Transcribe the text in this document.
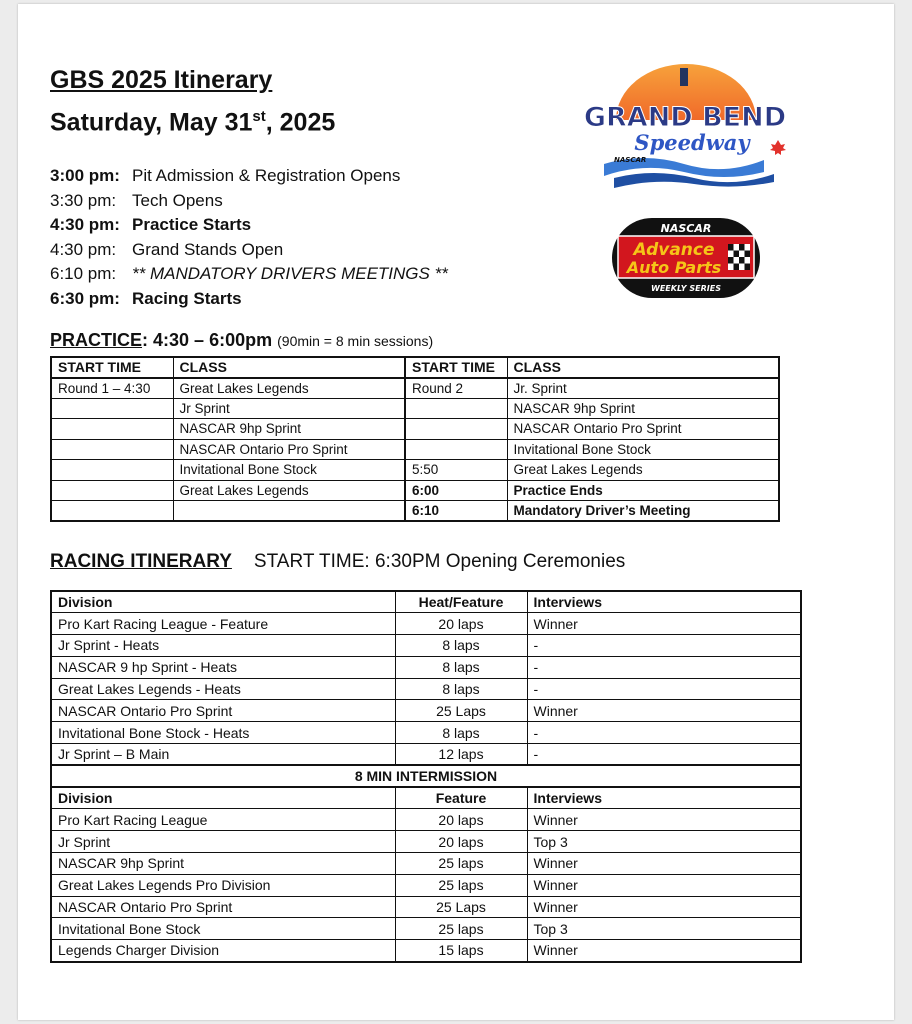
GBS 2025 Itinerary
Saturday, May 31st, 2025
3:00 pm: Pit Admission & Registration Opens
3:30 pm: Tech Opens
4:30 pm: Practice Starts
4:30 pm: Grand Stands Open
6:10 pm: ** MANDATORY DRIVERS MEETINGS **
6:30 pm: Racing Starts
GRAND BEND
Speedway
NASCAR
NASCAR
Advance
Auto Parts
WEEKLY SERIES
PRACTICE: 4:30 – 6:00pm (90min = 8 min sessions)
START TIME	CLASS	START TIME	CLASS
Round 1 – 4:30	Great Lakes Legends	Round 2	Jr. Sprint
	Jr Sprint		NASCAR 9hp Sprint
	NASCAR 9hp Sprint		NASCAR Ontario Pro Sprint
	NASCAR Ontario Pro Sprint		Invitational Bone Stock
	Invitational Bone Stock	5:50	Great Lakes Legends
	Great Lakes Legends	6:00	Practice Ends
		6:10	Mandatory Driver’s Meeting
RACING ITINERARY START TIME: 6:30PM Opening Ceremonies
Division	Heat/Feature	Interviews
Pro Kart Racing League - Feature	20 laps	Winner
Jr Sprint - Heats	8 laps	-
NASCAR 9 hp Sprint - Heats	8 laps	-
Great Lakes Legends - Heats	8 laps	-
NASCAR Ontario Pro Sprint	25 Laps	Winner
Invitational Bone Stock - Heats	8 laps	-
Jr Sprint – B Main	12 laps	-
8 MIN INTERMISSION		
Division	Feature	Interviews
Pro Kart Racing League	20 laps	Winner
Jr Sprint	20 laps	Top 3
NASCAR 9hp Sprint	25 laps	Winner
Great Lakes Legends Pro Division	25 laps	Winner
NASCAR Ontario Pro Sprint	25 Laps	Winner
Invitational Bone Stock	25 laps	Top 3
Legends Charger Division	15 laps	Winner
